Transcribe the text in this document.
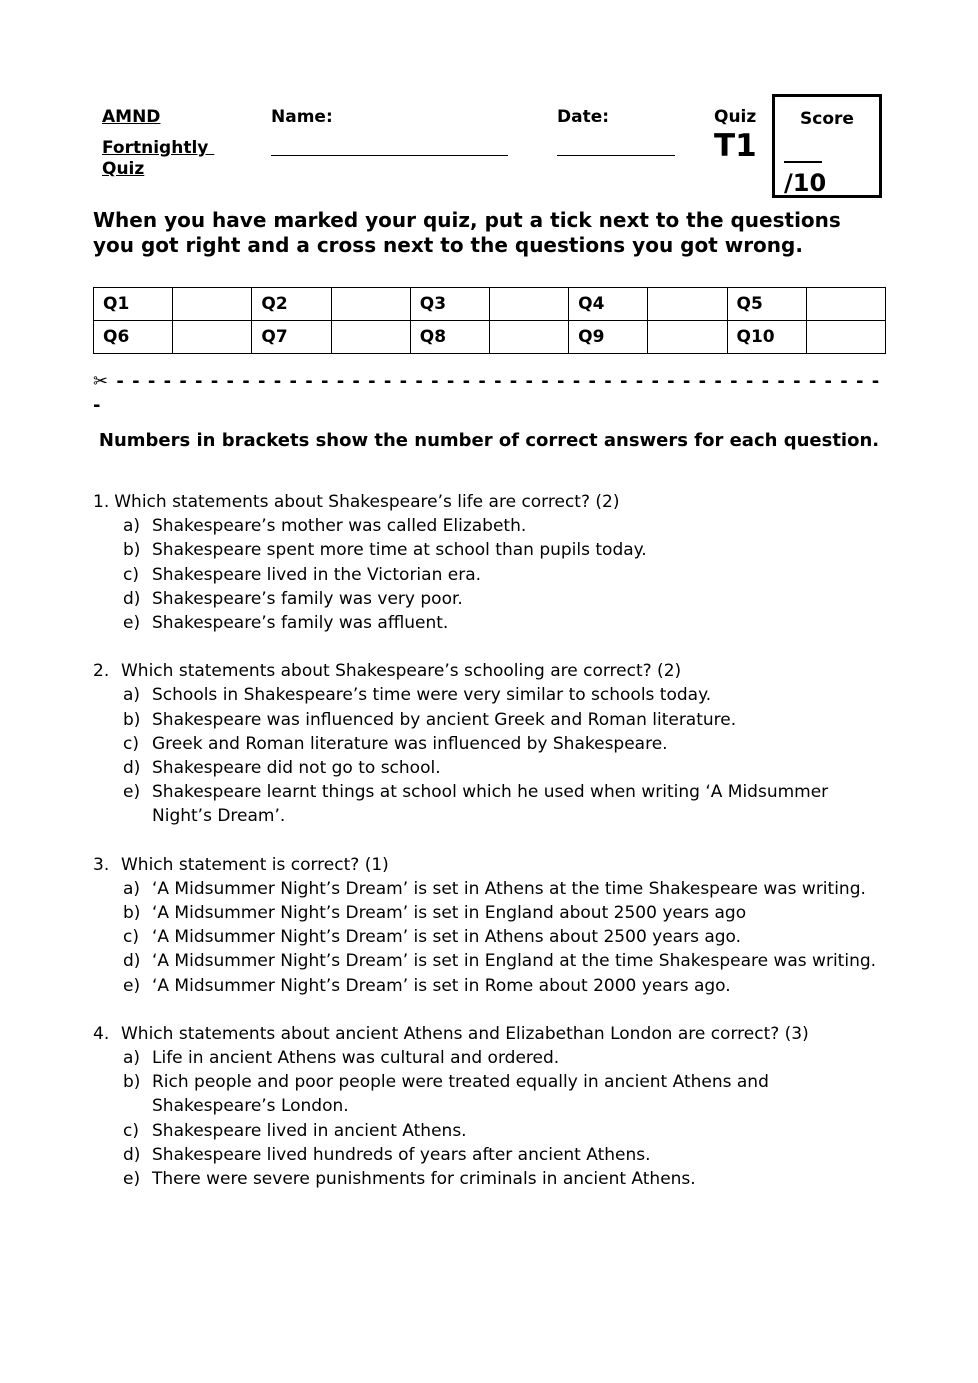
AMND
Fortnightly
Quiz
Name:	Date:	Quiz
T1
Score
/10
When you have marked your quiz, put a tick next to the questions you got right and a cross next to the questions you got wrong.
Q1		Q2		Q3		Q4		Q5	
Q6		Q7		Q8		Q9		Q10	
✂ - - - - - - - - - - - - - - - - - - - - - - - - - - - - - - - - - - - - - - - - - - - - - - - - - -
Numbers in brackets show the number of correct answers for each question.
1. Which statements about Shakespeare’s life are correct? (2)
a) Shakespeare’s mother was called Elizabeth.
b) Shakespeare spent more time at school than pupils today.
c) Shakespeare lived in the Victorian era.
d) Shakespeare’s family was very poor.
e) Shakespeare’s family was affluent.
2. Which statements about Shakespeare’s schooling are correct? (2)
a) Schools in Shakespeare’s time were very similar to schools today.
b) Shakespeare was influenced by ancient Greek and Roman literature.
c) Greek and Roman literature was influenced by Shakespeare.
d) Shakespeare did not go to school.
e) Shakespeare learnt things at school which he used when writing ‘A Midsummer Night’s Dream’.
3. Which statement is correct? (1)
a) ‘A Midsummer Night’s Dream’ is set in Athens at the time Shakespeare was writing.
b) ‘A Midsummer Night’s Dream’ is set in England about 2500 years ago
c) ‘A Midsummer Night’s Dream’ is set in Athens about 2500 years ago.
d) ‘A Midsummer Night’s Dream’ is set in England at the time Shakespeare was writing.
e) ‘A Midsummer Night’s Dream’ is set in Rome about 2000 years ago.
4. Which statements about ancient Athens and Elizabethan London are correct? (3)
a) Life in ancient Athens was cultural and ordered.
b) Rich people and poor people were treated equally in ancient Athens and Shakespeare’s London.
c) Shakespeare lived in ancient Athens.
d) Shakespeare lived hundreds of years after ancient Athens.
e) There were severe punishments for criminals in ancient Athens.
